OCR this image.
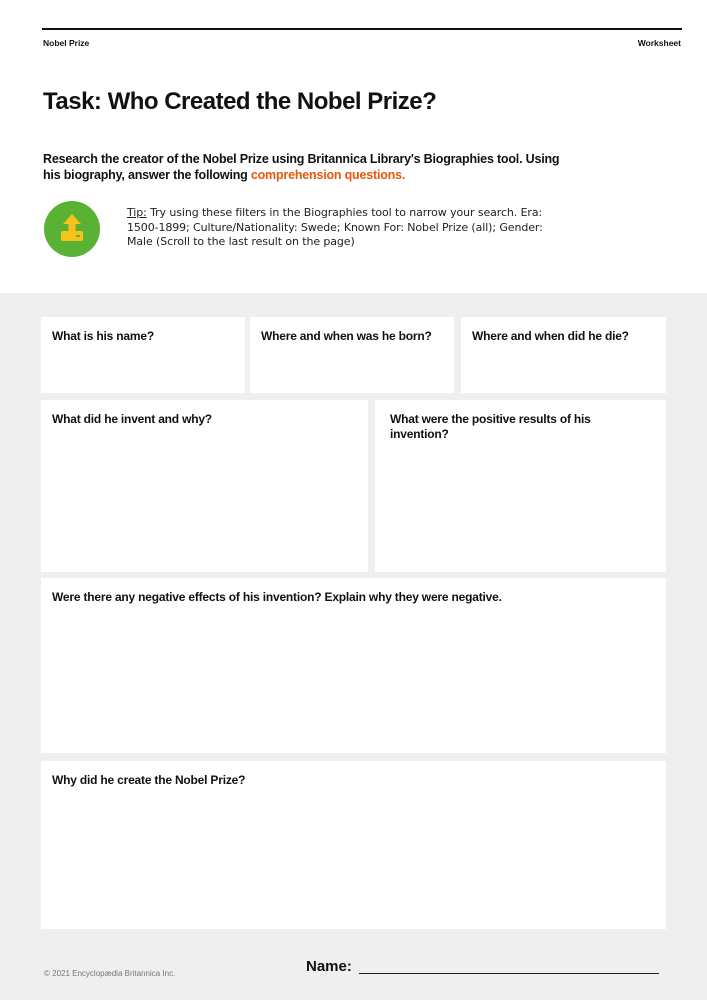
Nobel Prize	Worksheet
Task: Who Created the Nobel Prize?
Research the creator of the Nobel Prize using Britannica Library's Biographies tool. Using his biography, answer the following comprehension questions.
Tip: Try using these filters in the Biographies tool to narrow your search. Era: 1500-1899; Culture/Nationality: Swede; Known For: Nobel Prize (all); Gender: Male (Scroll to the last result on the page)
What is his name?	Where and when was he born?	Where and when did he die?
What did he invent and why?	What were the positive results of his invention?
Were there any negative effects of his invention? Explain why they were negative.
Why did he create the Nobel Prize?
© 2021 Encyclopædia Britannica Inc.	Name:
